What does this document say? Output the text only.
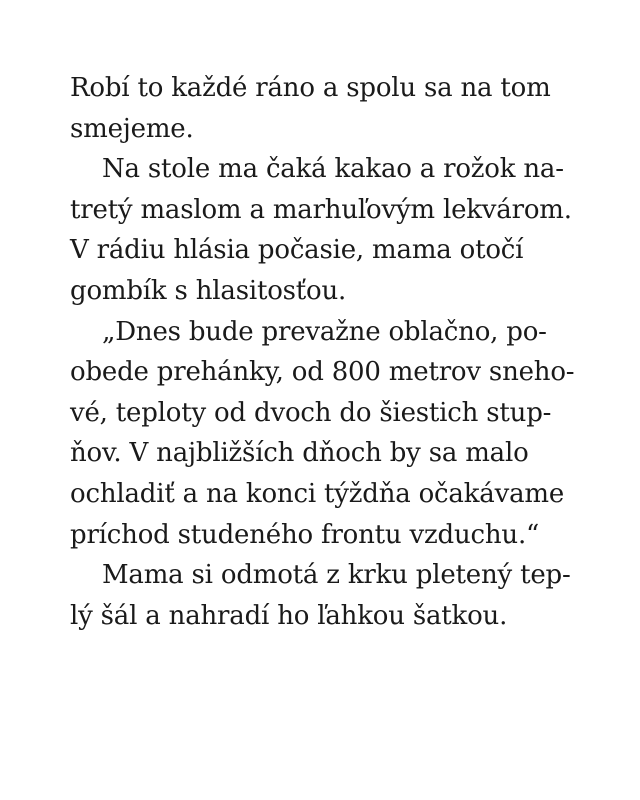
Robí to každé ráno a spolu sa na tom
smejeme.
Na stole ma čaká kakao a rožok na-
tretý maslom a marhuľovým lekvárom.
V rádiu hlásia počasie, mama otočí
gombík s hlasitosťou.
„Dnes bude prevažne oblačno, po-
obede prehánky, od 800 metrov sneho-
vé, teploty od dvoch do šiestich stup-
ňov. V najbližších dňoch by sa malo
ochladiť a na konci týždňa očakávame
príchod studeného frontu vzduchu.“
Mama si odmotá z krku pletený tep-
lý šál a nahradí ho ľahkou šatkou.
